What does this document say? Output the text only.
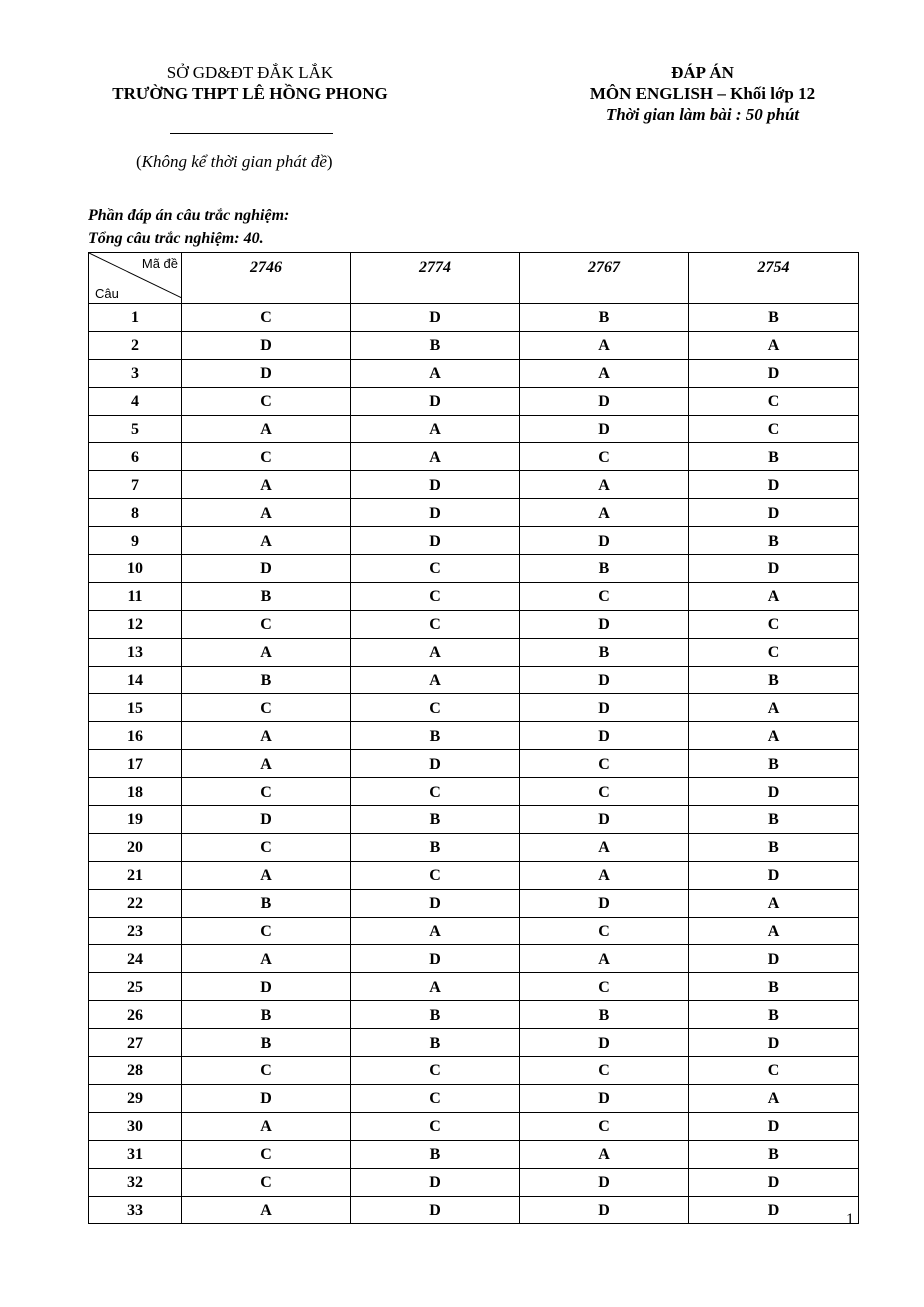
SỞ GD&ĐT ĐẮK LẮK
TRƯỜNG THPT LÊ HỒNG PHONG
ĐÁP ÁN
MÔN ENGLISH – Khối lớp 12
Thời gian làm bài : 50 phút
(Không kể thời gian phát đề)
Phần đáp án câu trắc nghiệm:
Tổng câu trắc nghiệm: 40.
Mã đề
Câu	2746	2774	2767	2754
1	C	D	B	B
2	D	B	A	A
3	D	A	A	D
4	C	D	D	C
5	A	A	D	C
6	C	A	C	B
7	A	D	A	D
8	A	D	A	D
9	A	D	D	B
10	D	C	B	D
11	B	C	C	A
12	C	C	D	C
13	A	A	B	C
14	B	A	D	B
15	C	C	D	A
16	A	B	D	A
17	A	D	C	B
18	C	C	C	D
19	D	B	D	B
20	C	B	A	B
21	A	C	A	D
22	B	D	D	A
23	C	A	C	A
24	A	D	A	D
25	D	A	C	B
26	B	B	B	B
27	B	B	D	D
28	C	C	C	C
29	D	C	D	A
30	A	C	C	D
31	C	B	A	B
32	C	D	D	D
33	A	D	D	D
1
